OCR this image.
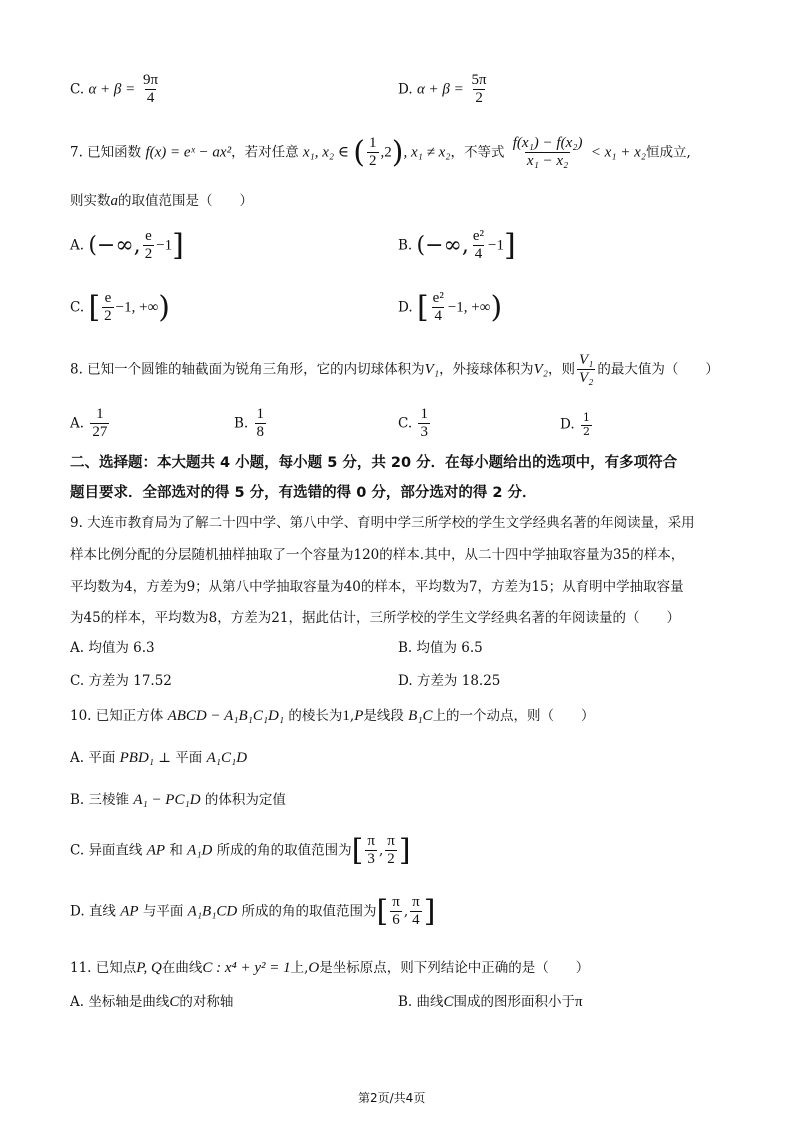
C. $\alpha + \beta = \frac{9\pi}{4}$	D. $\alpha + \beta = \frac{5\pi}{2}$
7. 已知函数 f(x) = eˣ − ax²，若对任意 x₁, x₂ ∈ ( $\frac{1}{2} ,2$), x₁ ≠ x₂，不等式 $\frac{\text{f(x₁) − f(x₂)}}{\text{x₁ − x₂}} < x_1 + x_2$恒成立,
则实数a的取值范围是（　　）
A. (−∞, $\frac{e}{2} -1$]	B. (−∞, $\frac{\text{e²}}{4} -1$]
C. [ $\frac{e}{2} -1$, +∞)	D. [ $\frac{\text{e²}}{4} -1$, +∞)
8. 已知一个圆锥的轴截面为锐角三角形，它的内切球体积为V₁，外接球体积为V₂，则 $\frac{\text{V₁}}{\text{V₂}}$ 的最大值为（　　）
A. $\frac{1}{27}$	B. $\frac{1}{8}$	C. $\frac{1}{3}$	D. $\frac{1}{2}$
二、选择题：本大题共 4 小题，每小题 5 分，共 20 分．在每小题给出的选项中，有多项符合
题目要求．全部选对的得 5 分，有选错的得 0 分，部分选对的得 2 分．
9. 大连市教育局为了解二十四中学、第八中学、育明中学三所学校的学生文学经典名著的年阅读量，采用
样本比例分配的分层随机抽样抽取了一个容量为120的样本.其中，从二十四中学抽取容量为35的样本，
平均数为4，方差为9；从第八中学抽取容量为40的样本，平均数为7，方差为15；从育明中学抽取容量
为45的样本，平均数为8，方差为21，据此估计，三所学校的学生文学经典名著的年阅读量的（　　）
A. 均值为 6.3	B. 均值为 6.5
C. 方差为 17.52	D. 方差为 18.25
10. 已知正方体 ABCD − A₁B₁C₁D₁ 的棱长为1,P是线段 B₁C上的一个动点，则（　　）
A. 平面 PBD₁ ⊥ 平面 A₁C₁D
B. 三棱锥 A₁ − PC₁D 的体积为定值
C. 异面直线 AP 和 A₁D 所成的角的取值范围为[ $\frac{\pi}{3}$ , $\frac{\pi}{2}$ ]
D. 直线 AP 与平面 A₁B₁CD 所成的角的取值范围为[ $\frac{\pi}{6}$ , $\frac{\pi}{4}$ ]
11. 已知点P, Q在曲线C : x⁴ + y² = 1上,O是坐标原点，则下列结论中正确的是（　　）
A. 坐标轴是曲线C的对称轴	B. 曲线C围成的图形面积小于π
第2页/共4页
